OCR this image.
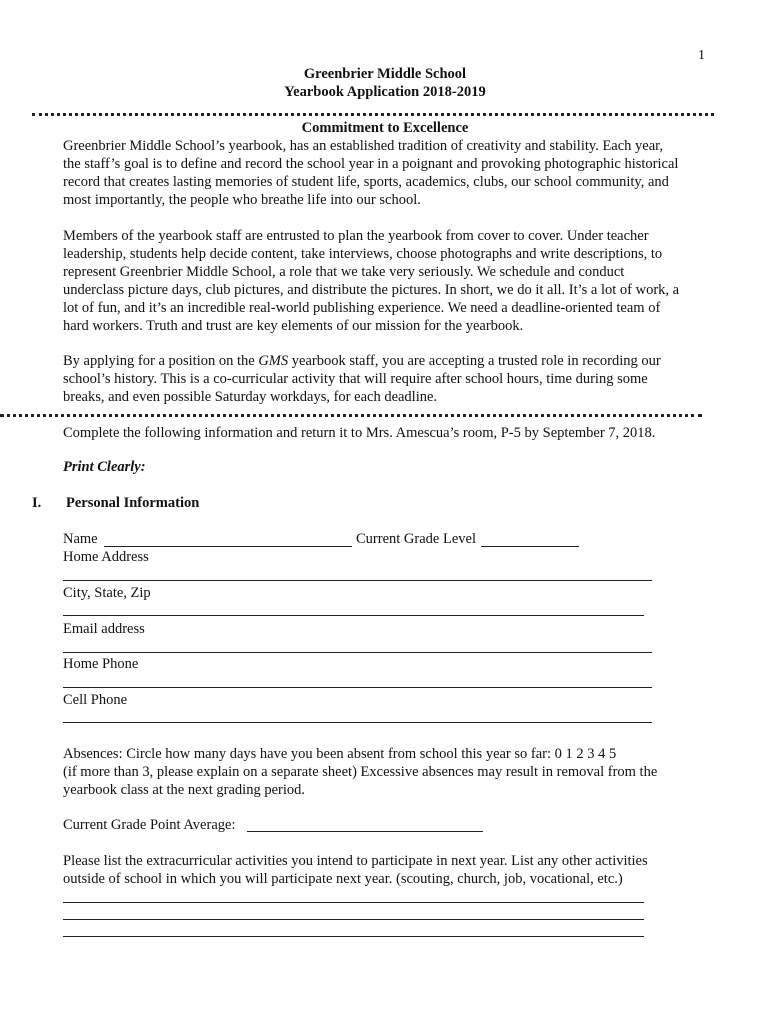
1
Greenbrier Middle School
Yearbook Application 2018-2019
Commitment to Excellence
Greenbrier Middle School’s yearbook, has an established tradition of creativity and stability. Each year,
the staff’s goal is to define and record the school year in a poignant and provoking photographic historical
record that creates lasting memories of student life, sports, academics, clubs, our school community, and
most importantly, the people who breathe life into our school.
Members of the yearbook staff are entrusted to plan the yearbook from cover to cover. Under teacher
leadership, students help decide content, take interviews, choose photographs and write descriptions, to
represent Greenbrier Middle School, a role that we take very seriously. We schedule and conduct
underclass picture days, club pictures, and distribute the pictures. In short, we do it all. It’s a lot of work, a
lot of fun, and it’s an incredible real-world publishing experience. We need a deadline-oriented team of
hard workers. Truth and trust are key elements of our mission for the yearbook.
By applying for a position on the GMS yearbook staff, you are accepting a trusted role in recording our
school’s history. This is a co-curricular activity that will require after school hours, time during some
breaks, and even possible Saturday workdays, for each deadline.
Complete the following information and return it to Mrs. Amescua’s room, P-5 by September 7, 2018.
Print Clearly:
I. Personal Information
Name	Current Grade Level
Home Address
City, State, Zip
Email address
Home Phone
Cell Phone
Absences: Circle how many days have you been absent from school this year so far: 0 1 2 3 4 5
(if more than 3, please explain on a separate sheet) Excessive absences may result in removal from the
yearbook class at the next grading period.
Current Grade Point Average:
Please list the extracurricular activities you intend to participate in next year. List any other activities
outside of school in which you will participate next year. (scouting, church, job, vocational, etc.)
